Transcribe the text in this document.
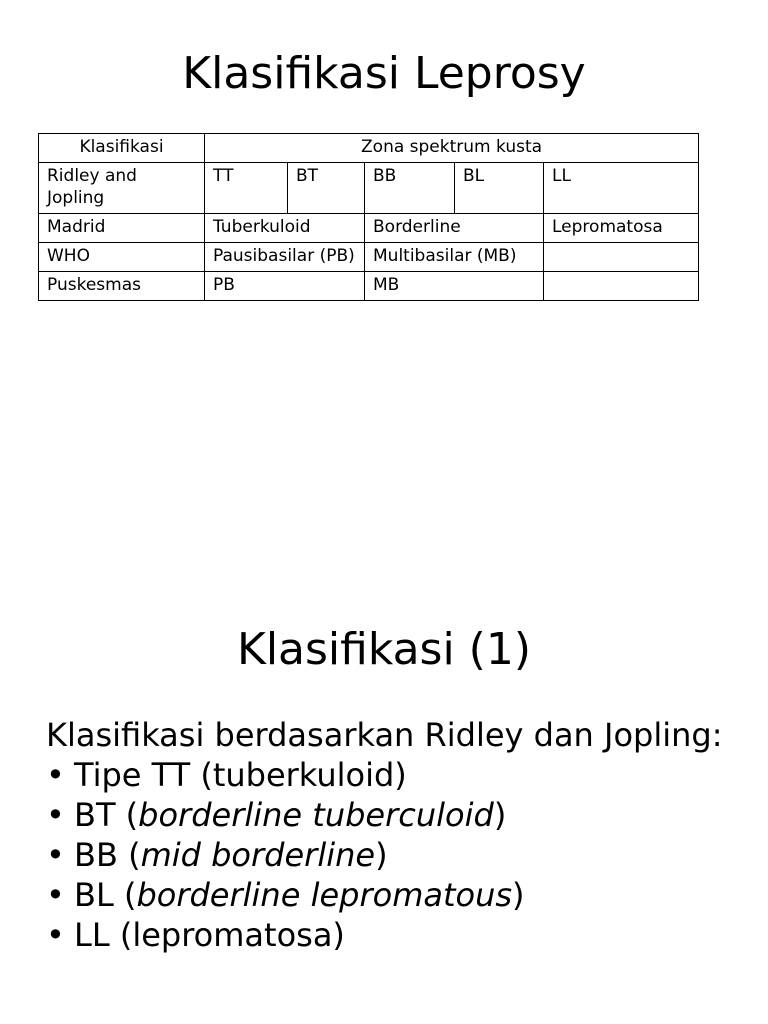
Klasifikasi Leprosy
Klasifikasi	Zona spektrum kusta				
Ridley and Jopling	TT	BT	BB	BL	LL
Madrid	Tuberkuloid		Borderline		Lepromatosa
WHO	Pausibasilar (PB)		Multibasilar (MB)		
Puskesmas	PB		MB		
Klasifikasi (1)

Klasifikasi berdasarkan Ridley dan Jopling:

• Tipe TT (tuberkuloid)
• BT (borderline tuberculoid)
• BB (mid borderline)
• BL (borderline lepromatous)
• LL (lepromatosa)
